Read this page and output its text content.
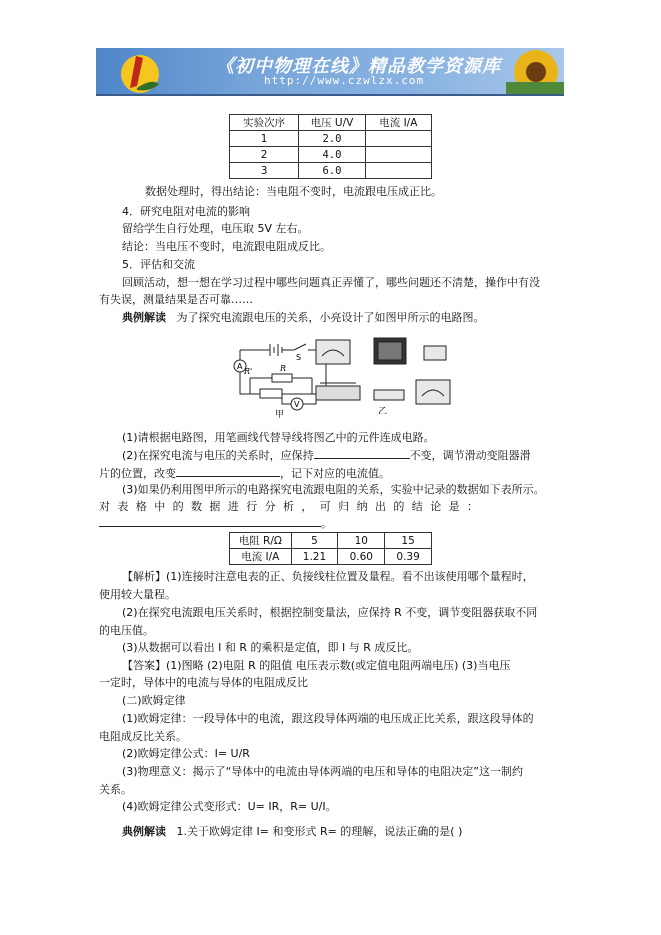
《初中物理在线》精品教学资源库
http://www.czwlzx.com
实验次序	电压 U/V	电流 I/A
1	2.0	
2	4.0	
3	6.0	
数据处理时，得出结论：当电阻不变时，电流跟电压成正比。
4．研究电阻对电流的影响
留给学生自行处理，电压取 5V 左右。
结论：当电压不变时，电流跟电阻成反比。
5．评估和交流
回顾活动，想一想在学习过程中哪些问题真正弄懂了，哪些问题还不清楚，操作中有没
有失误，测量结果是否可靠……
典例解读 为了探究电流跟电压的关系，小亮设计了如图甲所示的电路图。
A
V
S
R
R'
甲	乙
(1)请根据电路图，用笔画线代替导线将图乙中的元件连成电路。
(2)在探究电流与电压的关系时，应保持	不变，调节滑动变阻器滑
片的位置，改变	，记下对应的电流值。
(3)如果仍利用图甲所示的电路探究电流跟电阻的关系，实验中记录的数据如下表所示。
对表格中的数据进行分析，可归纳出的结论是：
。
电阻 R/Ω	5	10	15
电流 I/A	1.21	0.60	0.39
【解析】(1)连接时注意电表的正、负接线柱位置及量程。看不出该使用哪个量程时，
使用较大量程。
(2)在探究电流跟电压关系时，根据控制变量法，应保持 R 不变，调节变阻器获取不同
的电压值。
(3)从数据可以看出 I 和 R 的乘积是定值，即 I 与 R 成反比。
【答案】(1)图略 (2)电阻 R 的阻值 电压表示数(或定值电阻两端电压) (3)当电压
一定时，导体中的电流与导体的电阻成反比
(二)欧姆定律
(1)欧姆定律：一段导体中的电流，跟这段导体两端的电压成正比关系，跟这段导体的
电阻成反比关系。
(2)欧姆定律公式：I= U/R
(3)物理意义：揭示了“导体中的电流由导体两端的电压和导体的电阻决定”这一制约
关系。
(4)欧姆定律公式变形式：U= IR，R= U/I。
典例解读 1.关于欧姆定律 I= 和变形式 R= 的理解，说法正确的是( )
